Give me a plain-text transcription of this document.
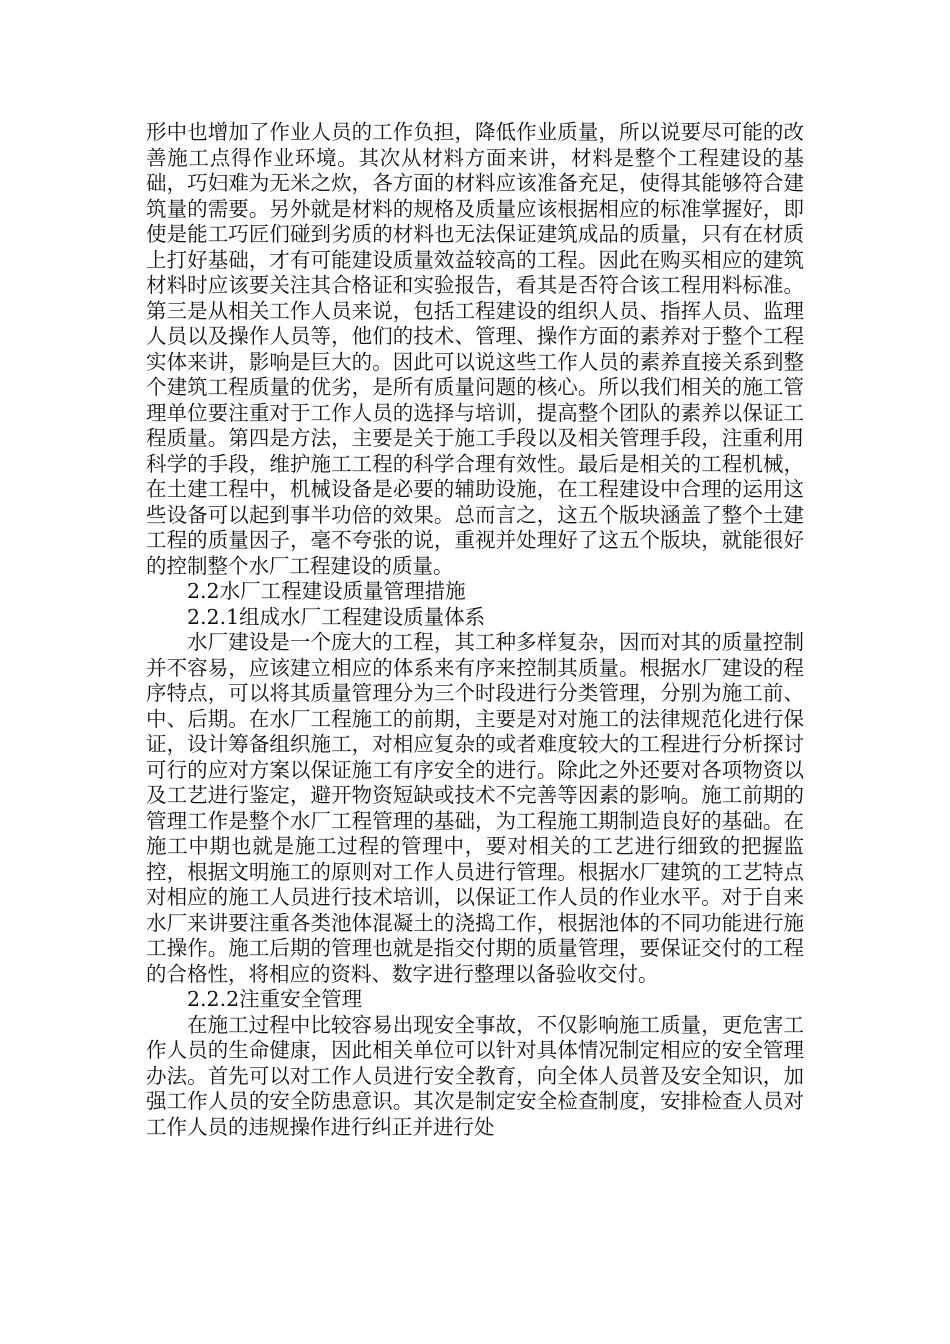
形中也增加了作业人员的工作负担，降低作业质量，所以说要尽可能的改善施工点得作业环境。其次从材料方面来讲，材料是整个工程建设的基础，巧妇难为无米之炊，各方面的材料应该准备充足，使得其能够符合建筑量的需要。另外就是材料的规格及质量应该根据相应的标准掌握好，即使是能工巧匠们碰到劣质的材料也无法保证建筑成品的质量，只有在材质上打好基础，才有可能建设质量效益较高的工程。因此在购买相应的建筑材料时应该要关注其合格证和实验报告，看其是否符合该工程用料标准。第三是从相关工作人员来说，包括工程建设的组织人员、指挥人员、监理人员以及操作人员等，他们的技术、管理、操作方面的素养对于整个工程实体来讲，影响是巨大的。因此可以说这些工作人员的素养直接关系到整个建筑工程质量的优劣，是所有质量问题的核心。所以我们相关的施工管理单位要注重对于工作人员的选择与培训，提高整个团队的素养以保证工程质量。第四是方法，主要是关于施工手段以及相关管理手段，注重利用科学的手段，维护施工工程的科学合理有效性。最后是相关的工程机械，在土建工程中，机械设备是必要的辅助设施，在工程建设中合理的运用这些设备可以起到事半功倍的效果。总而言之，这五个版块涵盖了整个土建工程的质量因子，毫不夸张的说，重视并处理好了这五个版块，就能很好的控制整个水厂工程建设的质量。

2.2水厂工程建设质量管理措施

2.2.1组成水厂工程建设质量体系

水厂建设是一个庞大的工程，其工种多样复杂，因而对其的质量控制并不容易，应该建立相应的体系来有序来控制其质量。根据水厂建设的程序特点，可以将其质量管理分为三个时段进行分类管理，分别为施工前、中、后期。在水厂工程施工的前期，主要是对对施工的法律规范化进行保证，设计筹备组织施工，对相应复杂的或者难度较大的工程进行分析探讨可行的应对方案以保证施工有序安全的进行。除此之外还要对各项物资以及工艺进行鉴定，避开物资短缺或技术不完善等因素的影响。施工前期的管理工作是整个水厂工程管理的基础，为工程施工期制造良好的基础。在施工中期也就是施工过程的管理中，要对相关的工艺进行细致的把握监控，根据文明施工的原则对工作人员进行管理。根据水厂建筑的工艺特点对相应的施工人员进行技术培训，以保证工作人员的作业水平。对于自来水厂来讲要注重各类池体混凝土的浇捣工作，根据池体的不同功能进行施工操作。施工后期的管理也就是指交付期的质量管理，要保证交付的工程的合格性，将相应的资料、数字进行整理以备验收交付。

2.2.2注重安全管理

在施工过程中比较容易出现安全事故，不仅影响施工质量，更危害工作人员的生命健康，因此相关单位可以针对具体情况制定相应的安全管理办法。首先可以对工作人员进行安全教育，向全体人员普及安全知识，加强工作人员的安全防患意识。其次是制定安全检查制度，安排检查人员对工作人员的违规操作进行纠正并进行处
